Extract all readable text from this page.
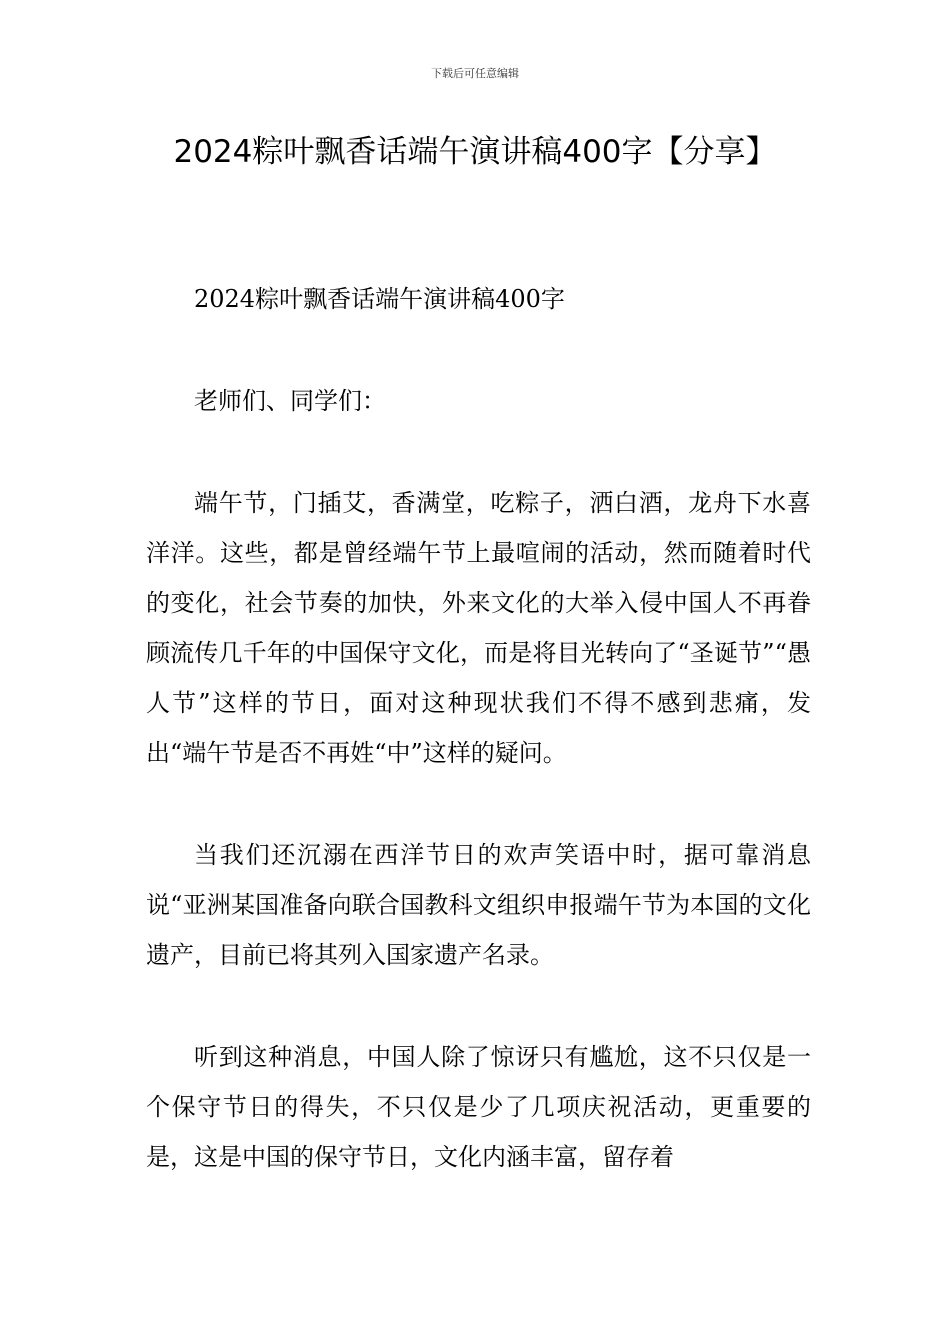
下载后可任意编辑
2024粽叶飘香话端午演讲稿400字【分享】

2024粽叶飘香话端午演讲稿400字

老师们、同学们：

端午节，门插艾，香满堂，吃粽子，洒白酒，龙舟下水喜洋洋。这些，都是曾经端午节上最喧闹的活动，然而随着时代的变化，社会节奏的加快，外来文化的大举入侵中国人不再眷顾流传几千年的中国保守文化，而是将目光转向了“圣诞节”“愚人节”这样的节日，面对这种现状我们不得不感到悲痛，发出“端午节是否不再姓“中”这样的疑问。

当我们还沉溺在西洋节日的欢声笑语中时，据可靠消息说“亚洲某国准备向联合国教科文组织申报端午节为本国的文化遗产，目前已将其列入国家遗产名录。

听到这种消息，中国人除了惊讶只有尴尬，这不只仅是一个保守节日的得失，不只仅是少了几项庆祝活动，更重要的是，这是中国的保守节日，文化内涵丰富，留存着
